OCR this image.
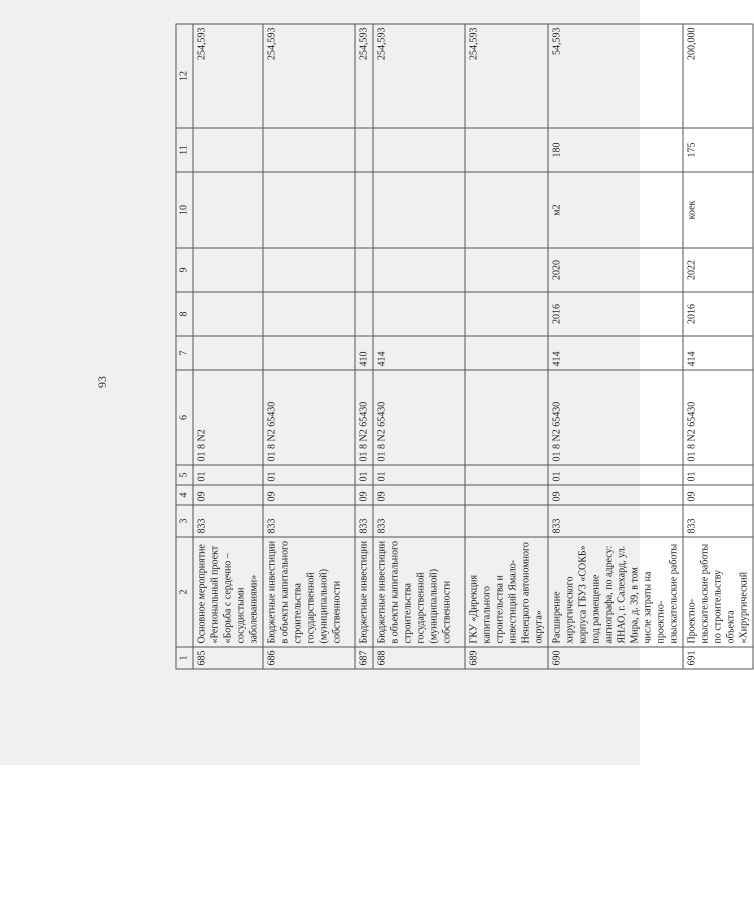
93
1	2	3	4	5	6	7	8	9	10	11	12
685	Основное мероприятие «Региональный проект «Борьба с сердечно – сосудистыми заболеваниями»	833	09	01	01 8 N2						254,593
686	Бюджетные инвестиции в объекты капитального строительства государственной (муниципальной) собственности	833	09	01	01 8 N2 65430						254,593
687	Бюджетные инвестиции	833	09	01	01 8 N2 65430	410					254,593
688	Бюджетные инвестиции в объекты капитального строительства государственной (муниципальной) собственности	833	09	01	01 8 N2 65430	414					254,593
689	ГКУ «Дирекция капитального строительства и инвестиций Ямало-Ненецкого автономного округа»										254,593
690	Расширение хирургического корпуса ГБУЗ «СОКБ» под размещение ангиографа, по адресу: ЯНАО, г. Салехард, ул. Мира, д. 39, в том числе затраты на проектно-изыскательские работы	833	09	01	01 8 N2 65430	414	2016	2020	м2	180	54,593
691	Проектно-изыскательские работы по строительству объекта «Хирургический	833	09	01	01 8 N2 65430	414	2016	2022	коек	175	200,000
